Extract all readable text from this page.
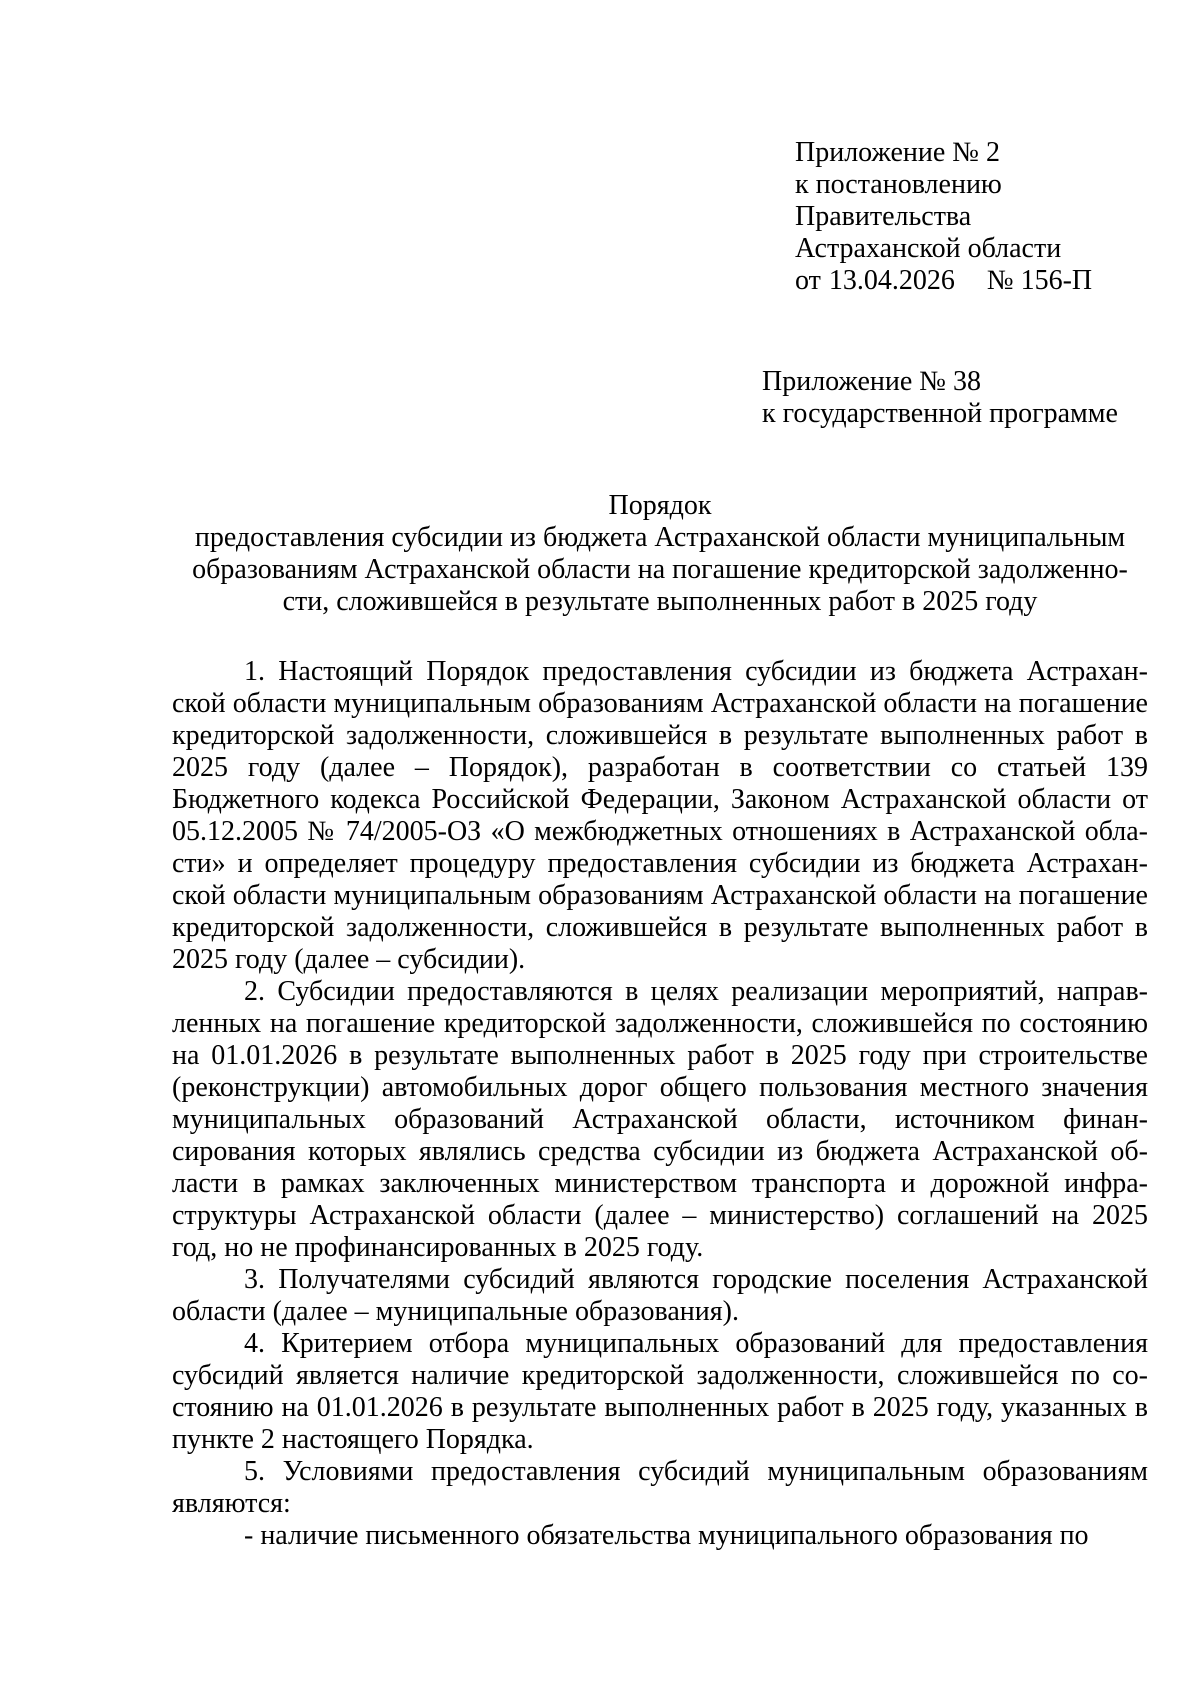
Приложение № 2
к постановлению
Правительства
Астраханской области
от 13.04.2026 № 156-П
Приложение № 38
к государственной программе
Порядок
предоставления субсидии из бюджета Астраханской области муниципальным
образованиям Астраханской области на погашение кредиторской задолженно-
сти, сложившейся в результате выполненных работ в 2025 году

1. Настоящий Порядок предоставления субсидии из бюджета Астраханской области муниципальным образованиям Астраханской области на погашение кредиторской задолженности, сложившейся в результате выполненных работ в 2025 году (далее – Порядок), разработан в соответствии со статьей 139 Бюджетного кодекса Российской Федерации, Законом Астраханской области от 05.12.2005 № 74/2005-ОЗ «О межбюджетных отношениях в Астраханской области» и определяет процедуру предоставления субсидии из бюджета Астраханской области муниципальным образованиям Астраханской области на погашение кредиторской задолженности, сложившейся в результате выполненных работ в 2025 году (далее – субсидии).

2. Субсидии предоставляются в целях реализации мероприятий, направленных на погашение кредиторской задолженности, сложившейся по состоянию на 01.01.2026 в результате выполненных работ в 2025 году при строительстве (реконструкции) автомобильных дорог общего пользования местного значения муниципальных образований Астраханской области, источником финансирования которых являлись средства субсидии из бюджета Астраханской области в рамках заключенных министерством транспорта и дорожной инфраструктуры Астраханской области (далее – министерство) соглашений на 2025 год, но не профинансированных в 2025 году.

3. Получателями субсидий являются городские поселения Астраханской области (далее – муниципальные образования).

4. Критерием отбора муниципальных образований для предоставления субсидий является наличие кредиторской задолженности, сложившейся по состоянию на 01.01.2026 в результате выполненных работ в 2025 году, указанных в пункте 2 настоящего Порядка.

5. Условиями предоставления субсидий муниципальным образованиям являются:

- наличие письменного обязательства муниципального образования по
